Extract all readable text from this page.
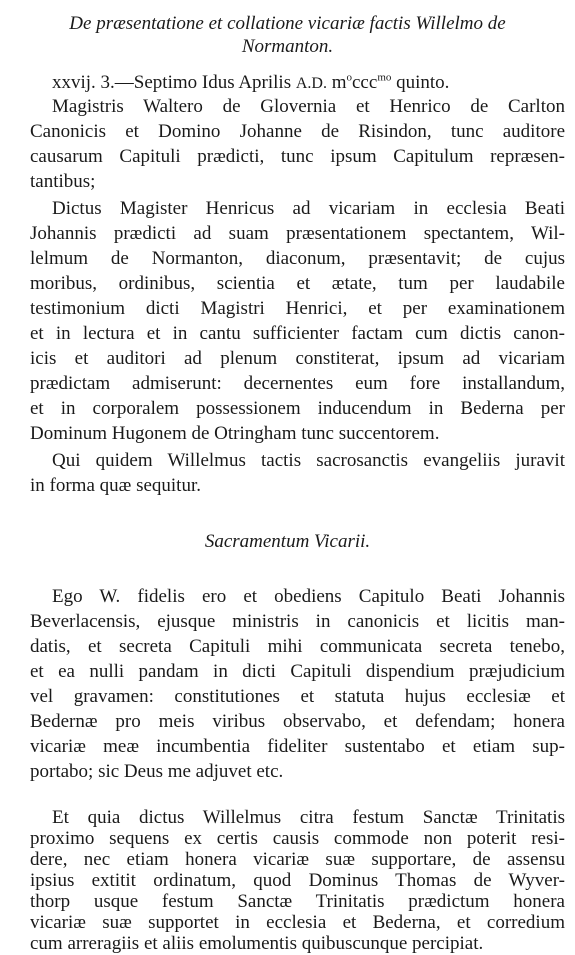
De præsentatione et collatione vicariæ factis Willelmo de
Normanton.
xxvij. 3.—Septimo Idus Aprilis A.D. $m^occc^{mo}$ quinto.
Magistris Waltero de Glovernia et Henrico de Carlton
Canonicis et Domino Johanne de Risindon, tunc auditore
causarum Capituli prædicti, tunc ipsum Capitulum repræsen-
tantibus;
Dictus Magister Henricus ad vicariam in ecclesia Beati
Johannis prædicti ad suam præsentationem spectantem, Wil-
lelmum de Normanton, diaconum, præsentavit; de cujus
moribus, ordinibus, scientia et ætate, tum per laudabile
testimonium dicti Magistri Henrici, et per examinationem
et in lectura et in cantu sufficienter factam cum dictis canon-
icis et auditori ad plenum constiterat, ipsum ad vicariam
prædictam admiserunt: decernentes eum fore installandum,
et in corporalem possessionem inducendum in Bederna per
Dominum Hugonem de Otringham tunc succentorem.
Qui quidem Willelmus tactis sacrosanctis evangeliis juravit
in forma quæ sequitur.
Sacramentum Vicarii.
Ego W. fidelis ero et obediens Capitulo Beati Johannis
Beverlacensis, ejusque ministris in canonicis et licitis man-
datis, et secreta Capituli mihi communicata secreta tenebo,
et ea nulli pandam in dicti Capituli dispendium præjudicium
vel gravamen: constitutiones et statuta hujus ecclesiæ et
Bedernæ pro meis viribus observabo, et defendam; honera
vicariæ meæ incumbentia fideliter sustentabo et etiam sup-
portabo; sic Deus me adjuvet etc.
Et quia dictus Willelmus citra festum Sanctæ Trinitatis
proximo sequens ex certis causis commode non poterit resi-
dere, nec etiam honera vicariæ suæ supportare, de assensu
ipsius extitit ordinatum, quod Dominus Thomas de Wyver-
thorp usque festum Sanctæ Trinitatis prædictum honera
vicariæ suæ supportet in ecclesia et Bederna, et corredium
cum arreragiis et aliis emolumentis quibuscunque percipiat.
